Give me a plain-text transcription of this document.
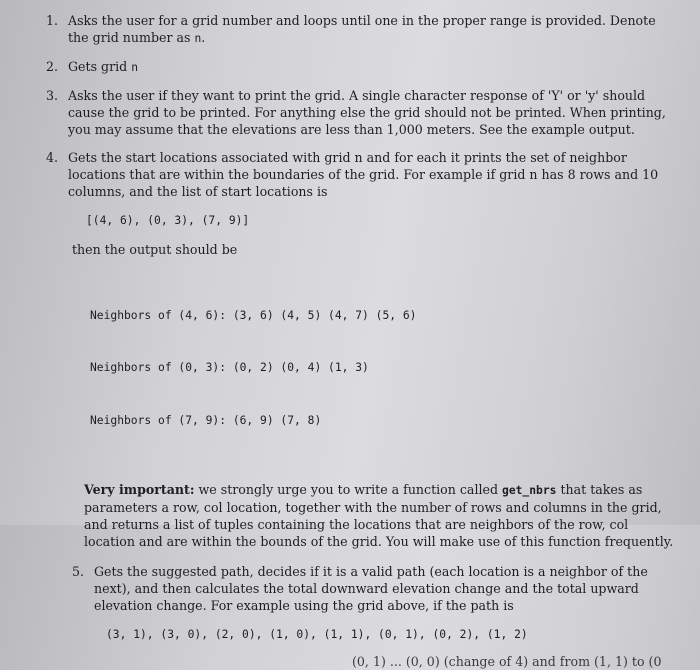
1. Asks the user for a grid number and loops until one in the proper range is provided. Denote the grid number as n.
2. Gets grid n
3. Asks the user if they want to print the grid. A single character response of 'Y' or 'y' should cause the grid to be printed. For anything else the grid should not be printed. When printing, you may assume that the elevations are less than 1,000 meters. See the example output.
4. Gets the start locations associated with grid n and for each it prints the set of neighbor locations that are within the boundaries of the grid. For example if grid n has 8 rows and 10 columns, and the list of start locations is
[(4, 6), (0, 3), (7, 9)]
then the output should be

Neighbors of (4, 6): (3, 6) (4, 5) (4, 7) (5, 6)

Neighbors of (0, 3): (0, 2) (0, 4) (1, 3)

Neighbors of (7, 9): (6, 9) (7, 8)

Very important: we strongly urge you to write a function called get_nbrs that takes as parameters a row, col location, together with the number of rows and columns in the grid, and returns a list of tuples containing the locations that are neighbors of the row, col location and are within the bounds of the grid. You will make use of this function frequently.
5. Gets the suggested path, decides if it is a valid path (each location is a neighbor of the next), and then calculates the total downward elevation change and the total upward elevation change. For example using the grid above, if the path is
(3, 1), (3, 0), (2, 0), (1, 0), (1, 1), (0, 1), (0, 2), (1, 2)
(0, 1) ... (0, 0) (change of 4) and from (1, 1) to (0
